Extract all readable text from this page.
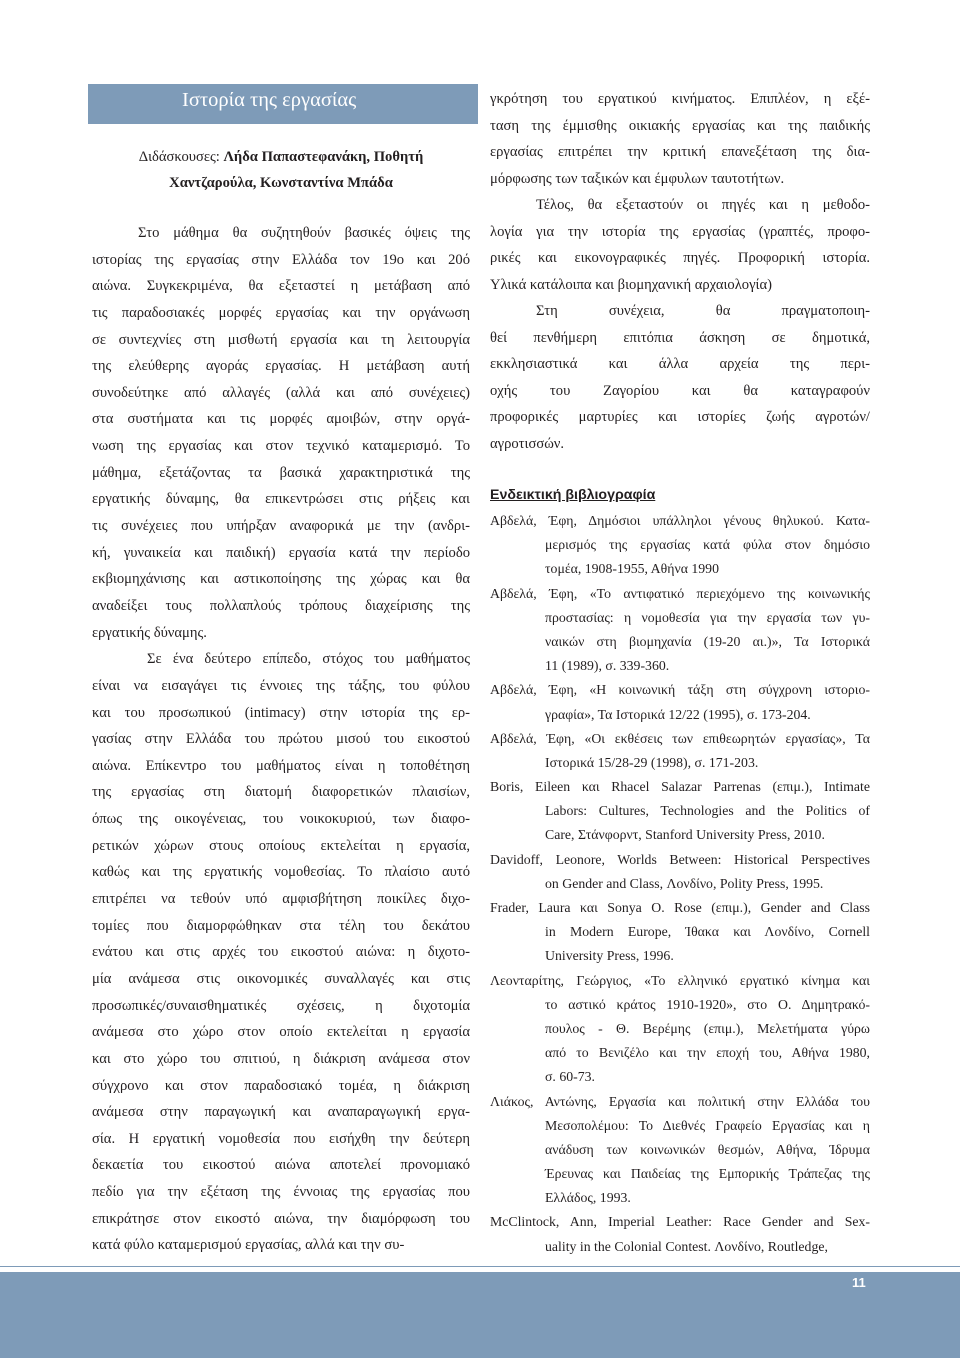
Ιστορία της εργασίας

Διδάσκουσες: Λήδα Παπαστεφανάκη, Ποθητή
Χαντζαρούλα, Κωνσταντίνα Μπάδα

Στο μάθημα θα συζητηθούν βασικές όψεις της
ιστορίας της εργασίας στην Ελλάδα τον 19ο και 20ό
αιώνα. Συγκεκριμένα, θα εξεταστεί η μετάβαση από
τις παραδοσιακές μορφές εργασίας και την οργάνωση
σε συντεχνίες στη μισθωτή εργασία και τη λειτουργία
της ελεύθερης αγοράς εργασίας. Η μετάβαση αυτή
συνοδεύτηκε από αλλαγές (αλλά και από συνέχειες)
στα συστήματα και τις μορφές αμοιβών, στην οργά-
νωση της εργασίας και στον τεχνικό καταμερισμό. Το
μάθημα, εξετάζοντας τα βασικά χαρακτηριστικά της
εργατικής δύναμης, θα επικεντρώσει στις ρήξεις και
τις συνέχειες που υπήρξαν αναφορικά με την (ανδρι-
κή, γυναικεία και παιδική) εργασία κατά την περίοδο
εκβιομηχάνισης και αστικοποίησης της χώρας και θα
αναδείξει τους πολλαπλούς τρόπους διαχείρισης της
εργατικής δύναμης.
Σε ένα δεύτερο επίπεδο, στόχος του μαθήματος
είναι να εισαγάγει τις έννοιες της τάξης, του φύλου
και του προσωπικού (intimacy) στην ιστορία της ερ-
γασίας στην Ελλάδα του πρώτου μισού του εικοστού
αιώνα. Επίκεντρο του μαθήματος είναι η τοποθέτηση
της εργασίας στη διατομή διαφορετικών πλαισίων,
όπως της οικογένειας, του νοικοκυριού, των διαφο-
ρετικών χώρων στους οποίους εκτελείται η εργασία,
καθώς και της εργατικής νομοθεσίας. Το πλαίσιο αυτό
επιτρέπει να τεθούν υπό αμφισβήτηση ποικίλες διχο-
τομίες που διαμορφώθηκαν στα τέλη του δεκάτου
ενάτου και στις αρχές του εικοστού αιώνα: η διχοτο-
μία ανάμεσα στις οικονομικές συναλλαγές και στις
προσωπικές/συναισθηματικές σχέσεις, η διχοτομία
ανάμεσα στο χώρο στον οποίο εκτελείται η εργασία
και στο χώρο του σπιτιού, η διάκριση ανάμεσα στον
σύγχρονο και στον παραδοσιακό τομέα, η διάκριση
ανάμεσα στην παραγωγική και αναπαραγωγική εργα-
σία. Η εργατική νομοθεσία που εισήχθη την δεύτερη
δεκαετία του εικοστού αιώνα αποτελεί προνομιακό
πεδίο για την εξέταση της έννοιας της εργασίας που
επικράτησε στον εικοστό αιώνα, την διαμόρφωση του
κατά φύλο καταμερισμού εργασίας, αλλά και την συ-
γκρότηση του εργατικού κινήματος. Επιπλέον, η εξέ-
ταση της έμμισθης οικιακής εργασίας και της παιδικής
εργασίας επιτρέπει την κριτική επανεξέταση της δια-
μόρφωσης των ταξικών και έμφυλων ταυτοτήτων.
Τέλος, θα εξεταστούν οι πηγές και η μεθοδο-
λογία για την ιστορία της εργασίας (γραπτές, προφο-
ρικές και εικονογραφικές πηγές. Προφορική ιστορία.
Υλικά κατάλοιπα και βιομηχανική αρχαιολογία)
Στη συνέχεια, θα πραγματοποιη-
θεί πενθήμερη επιτόπια άσκηση σε δημοτικά,
εκκλησιαστικά και άλλα αρχεία της περι-
οχής του Ζαγορίου και θα καταγραφούν
προφορικές μαρτυρίες και ιστορίες ζωής αγροτών/
αγροτισσών.

Ενδεικτική βιβλιογραφία

Αβδελά, Έφη, Δημόσιοι υπάλληλοι γένους θηλυκού. Κατα-
μερισμός της εργασίας κατά φύλα στον δημόσιο
τομέα, 1908-1955, Αθήνα 1990
Αβδελά, Έφη, «Το αντιφατικό περιεχόμενο της κοινωνικής
προστασίας: η νομοθεσία για την εργασία των γυ-
ναικών στη βιομηχανία (19-20 αι.)», Τα Ιστορικά
11 (1989), σ. 339-360.
Αβδελά, Έφη, «Η κοινωνική τάξη στη σύγχρονη ιστοριο-
γραφία», Τα Ιστορικά 12/22 (1995), σ. 173-204.
Αβδελά, Έφη, «Οι εκθέσεις των επιθεωρητών εργασίας», Τα
Ιστορικά 15/28-29 (1998), σ. 171-203.
Boris, Eileen και Rhacel Salazar Parrenas (επιμ.), Intimate
Labors: Cultures, Technologies and the Politics of
Care, Στάνφορντ, Stanford University Press, 2010.
Davidoff, Leonore, Worlds Between: Historical Perspectives
on Gender and Class, Λονδίνο, Polity Press, 1995.
Frader, Laura και Sonya O. Rose (επιμ.), Gender and Class
in Modern Europe, Ίθακα και Λονδίνο, Cornell
University Press, 1996.
Λεονταρίτης, Γεώργιος, «Το ελληνικό εργατικό κίνημα και
το αστικό κράτος 1910-1920», στο Ο. Δημητρακό-
πουλος - Θ. Βερέμης (επιμ.), Μελετήματα γύρω
από το Βενιζέλο και την εποχή του, Αθήνα 1980,
σ. 60-73.
Λιάκος, Αντώνης, Εργασία και πολιτική στην Ελλάδα του
Μεσοπολέμου: Το Διεθνές Γραφείο Εργασίας και η
ανάδυση των κοινωνικών θεσμών, Αθήνα, Ίδρυμα
Έρευνας και Παιδείας της Εμπορικής Τράπεζας της
Ελλάδος, 1993.
McClintock, Ann, Imperial Leather: Race Gender and Sex-
uality in the Colonial Contest. Λονδίνο, Routledge,
11
